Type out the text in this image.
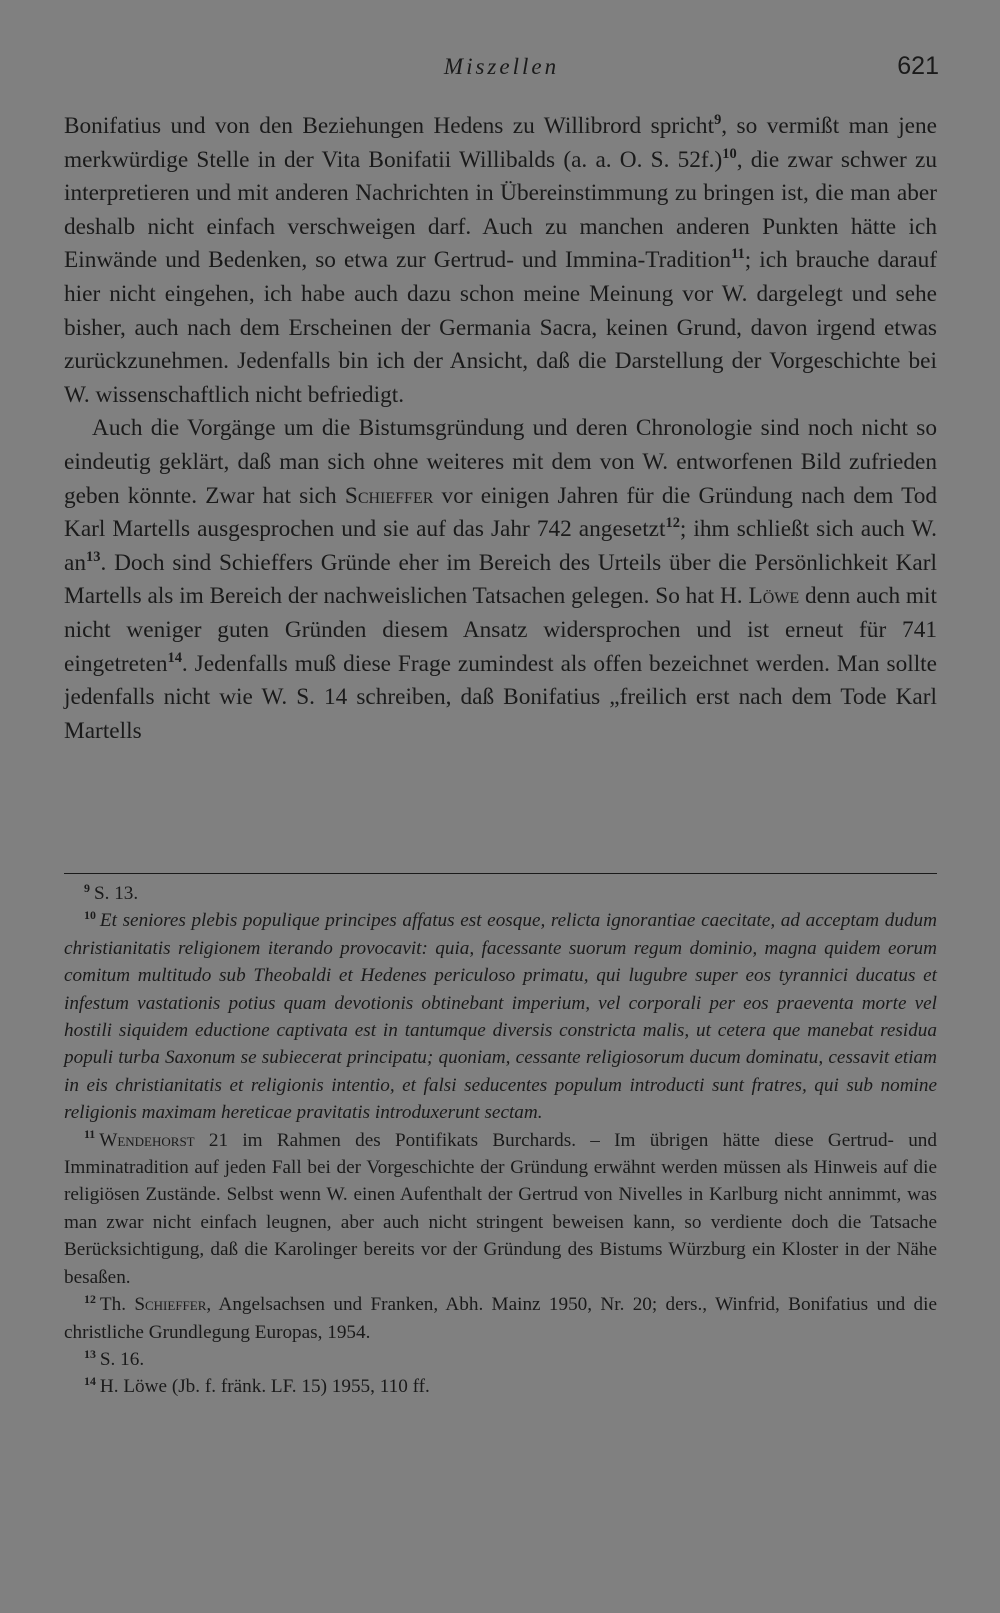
Miszellen	621

Bonifatius und von den Beziehungen Hedens zu Willibrord spricht$^9$, so vermißt man jene merkwürdige Stelle in der Vita Bonifatii Willibalds (a. a. O. S. 52f.)$^{10}$, die zwar schwer zu interpretieren und mit anderen Nachrichten in Übereinstimmung zu bringen ist, die man aber deshalb nicht einfach verschweigen darf. Auch zu manchen anderen Punkten hätte ich Einwände und Bedenken, so etwa zur Gertrud- und Immina-Tradition$^{11}$; ich brauche darauf hier nicht eingehen, ich habe auch dazu schon meine Meinung vor W. dargelegt und sehe bisher, auch nach dem Erscheinen der Germania Sacra, keinen Grund, davon irgend etwas zurückzunehmen. Jedenfalls bin ich der Ansicht, daß die Darstellung der Vorgeschichte bei W. wissenschaftlich nicht befriedigt.

Auch die Vorgänge um die Bistumsgründung und deren Chronologie sind noch nicht so eindeutig geklärt, daß man sich ohne weiteres mit dem von W. entworfenen Bild zufrieden geben könnte. Zwar hat sich Schieffer vor einigen Jahren für die Gründung nach dem Tod Karl Martells ausgesprochen und sie auf das Jahr 742 angesetzt$^{12}$; ihm schließt sich auch W. $an^{13}$. Doch sind Schieffers Gründe eher im Bereich des Urteils über die Persönlichkeit Karl Martells als im Bereich der nachweislichen Tatsachen gelegen. So hat H. Löwe denn auch mit nicht weniger guten Gründen diesem Ansatz widersprochen und ist erneut für 741 eingetreten$^{14}$. Jedenfalls muß diese Frage zumindest als offen bezeichnet werden. Man sollte jedenfalls nicht wie W. S. 14 schreiben, daß Bonifatius „freilich erst nach dem Tode Karl Martells

$^9$ S. 13.

$^{10}$ Et seniores plebis populique principes affatus est eosque, relicta ignorantiae caecitate, ad acceptam dudum christianitatis religionem iterando provocavit: quia, facessante suorum regum dominio, magna quidem eorum comitum multitudo sub Theobaldi et Hedenes periculoso primatu, qui lugubre super eos tyrannici ducatus et infestum vastationis potius quam devotionis obtinebant imperium, vel corporali per eos praeventa morte vel hostili siquidem eductione captivata est in tantumque diversis constricta malis, ut cetera que manebat residua populi turba Saxonum se subiecerat principatu; quoniam, cessante religiosorum ducum dominatu, cessavit etiam in eis christianitatis et religionis intentio, et falsi seducentes populum introducti sunt fratres, qui sub nomine religionis maximam hereticae pravitatis introduxerunt sectam.

$^{11}$ Wendehorst 21 im Rahmen des Pontifikats Burchards. – Im übrigen hätte diese Gertrud- und Imminatradition auf jeden Fall bei der Vorgeschichte der Gründung erwähnt werden müssen als Hinweis auf die religiösen Zustände. Selbst wenn W. einen Aufenthalt der Gertrud von Nivelles in Karlburg nicht annimmt, was man zwar nicht einfach leugnen, aber auch nicht stringent beweisen kann, so verdiente doch die Tatsache Berücksichtigung, daß die Karolinger bereits vor der Gründung des Bistums Würzburg ein Kloster in der Nähe besaßen.

$^{12}$ Th. Schieffer, Angelsachsen und Franken, Abh. Mainz 1950, Nr. 20; ders., Winfrid, Bonifatius und die christliche Grundlegung Europas, 1954.

$^{13}$ S. 16.

$^{14}$ H. Löwe (Jb. f. fränk. LF. 15) 1955, 110 ff.
